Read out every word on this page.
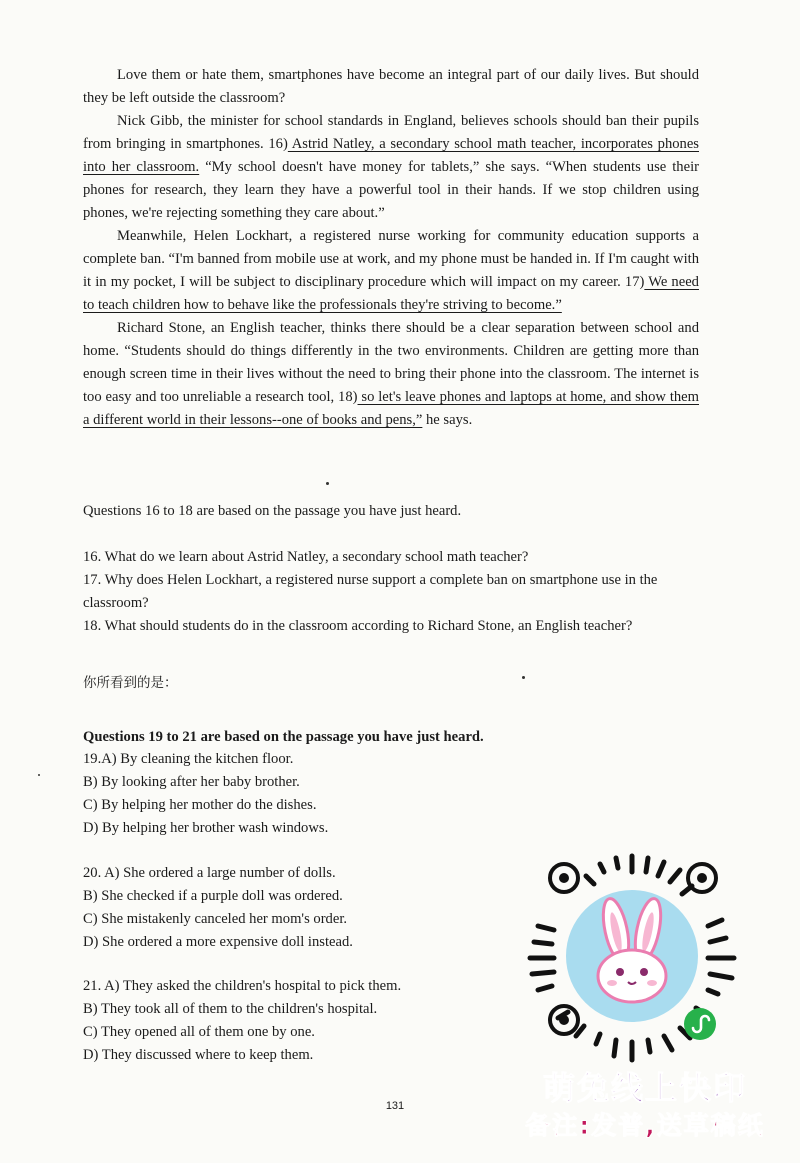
Love them or hate them, smartphones have become an integral part of our daily lives. But should they be left outside the classroom?

Nick Gibb, the minister for school standards in England, believes schools should ban their pupils from bringing in smartphones. 16) Astrid Natley, a secondary school math teacher, incorporates phones into her classroom. “My school doesn't have money for tablets,” she says. “When students use their phones for research, they learn they have a powerful tool in their hands. If we stop children using phones, we're rejecting something they care about.”

Meanwhile, Helen Lockhart, a registered nurse working for community education supports a complete ban. “I'm banned from mobile use at work, and my phone must be handed in. If I'm caught with it in my pocket, I will be subject to disciplinary procedure which will impact on my career. 17) We need to teach children how to behave like the professionals they're striving to become.”

Richard Stone, an English teacher, thinks there should be a clear separation between school and home. “Students should do things differently in the two environments. Children are getting more than enough screen time in their lives without the need to bring their phone into the classroom. The internet is too easy and too unreliable a research tool, 18) so let's leave phones and laptops at home, and show them a different world in their lessons--one of books and pens,” he says.

Questions 16 to 18 are based on the passage you have just heard.
16. What do we learn about Astrid Natley, a secondary school math teacher?
17. Why does Helen Lockhart, a registered nurse support a complete ban on smartphone use in the
classroom?
18. What should students do in the classroom according to Richard Stone, an English teacher?
你所看到的是：
Questions 19 to 21 are based on the passage you have just heard.
19.A) By cleaning the kitchen floor.
B) By looking after her baby brother.
C) By helping her mother do the dishes.
D) By helping her brother wash windows.
20. A) She ordered a large number of dolls.
B) She checked if a purple doll was ordered.
C) She mistakenly canceled her mom's order.
D) She ordered a more expensive doll instead.
21. A) They asked the children's hospital to pick them.
B) They took all of them to the children's hospital.
C) They opened all of them one by one.
D) They discussed where to keep them.
131	萌兔线上快印
备注:发普,送草稿纸
